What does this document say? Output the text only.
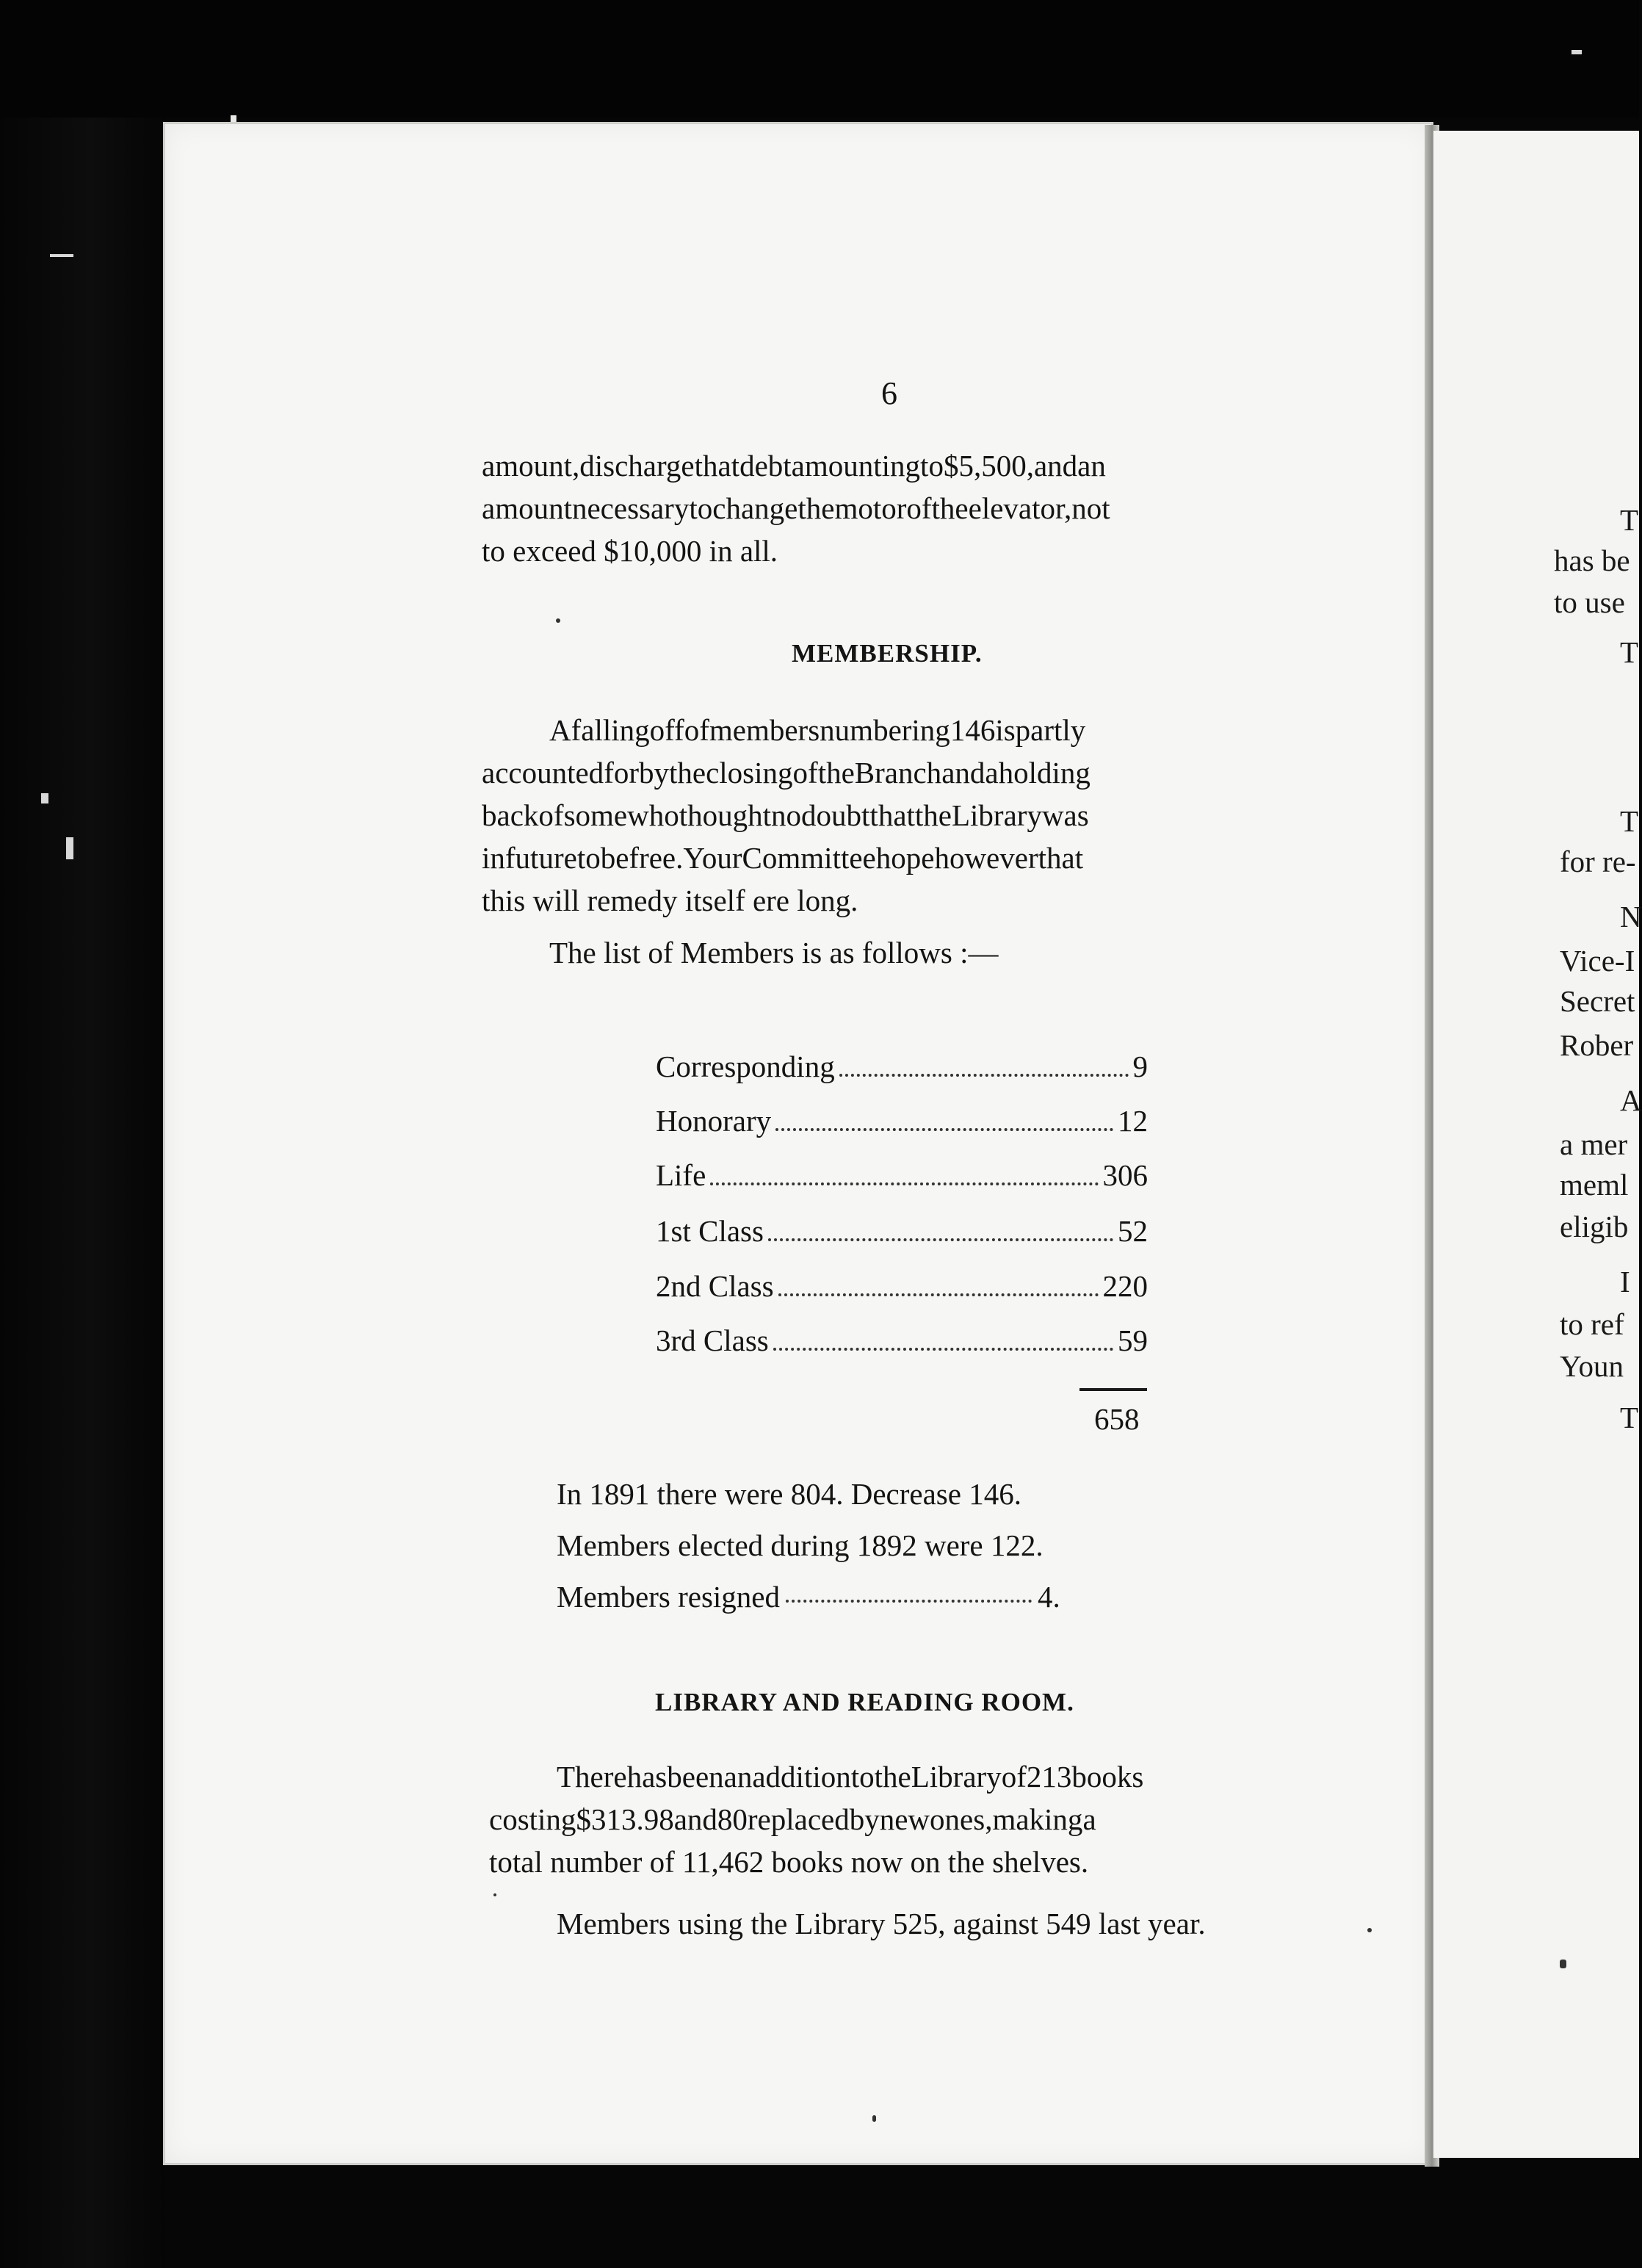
T
has be
to use
T
T
for re-
N
Vice-I
Secret
Rober
A
a mer
meml
eligib
I
to ref
Youn
T
6
amount,dischargethatdebtamountingto$5,500,andan
amountnecessarytochangethemotoroftheelevator,not
to exceed $10,000 in all.
MEMBERSHIP.
Afallingoffofmembersnumbering146ispartly
accountedforbytheclosingoftheBranchandaholding
backofsomewhothoughtnodoubtthattheLibrarywas
infuturetobefree.YourCommitteehopehoweverthat
this will remedy itself ere long.
The list of Members is as follows :—
Corresponding	9
Honorary	12
Life	306
1st Class	52
2nd Class	220
3rd Class	59
658
In 1891 there were 804. Decrease 146.
Members elected during 1892 were 122.
Members resigned	4.
LIBRARY AND READING ROOM.
TherehasbeenanadditiontotheLibraryof213books
costing$313.98and80replacedbynewones,makinga
total number of 11,462 books now on the shelves.
Members using the Library 525, against 549 last year.
